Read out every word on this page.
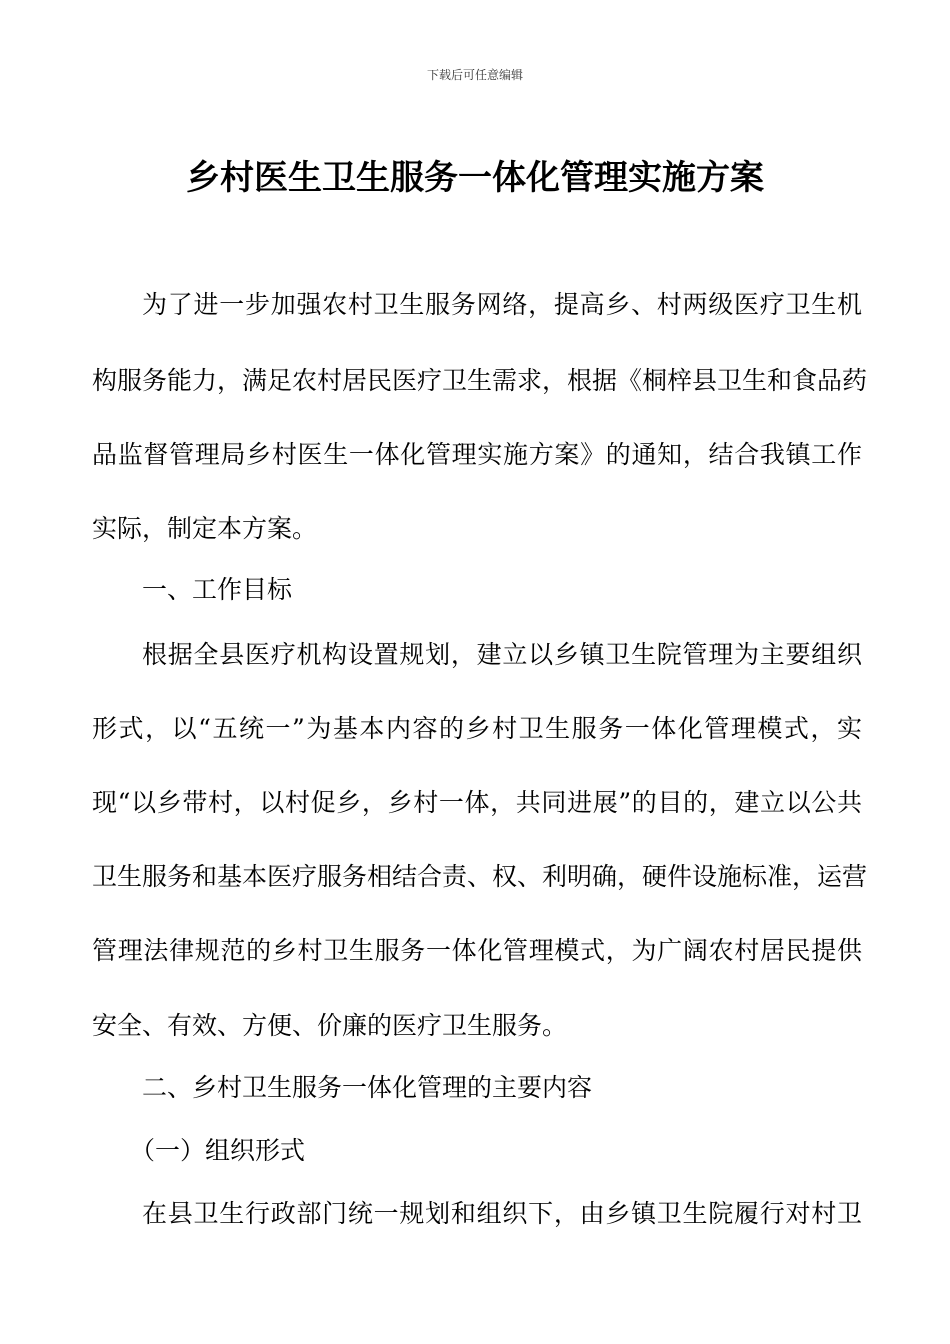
下载后可任意编辑
乡村医生卫生服务一体化管理实施方案
为了进一步加强农村卫生服务网络，提高乡、村两级医疗卫生机
构服务能力，满足农村居民医疗卫生需求，根据《桐梓县卫生和食品药
品监督管理局乡村医生一体化管理实施方案》的通知，结合我镇工作
实际，制定本方案。
一、工作目标
根据全县医疗机构设置规划，建立以乡镇卫生院管理为主要组织
形式，以“五统一”为基本内容的乡村卫生服务一体化管理模式，实
现“以乡带村，以村促乡，乡村一体，共同进展”的目的，建立以公共
卫生服务和基本医疗服务相结合责、权、利明确，硬件设施标准，运营
管理法律规范的乡村卫生服务一体化管理模式，为广阔农村居民提供
安全、有效、方便、价廉的医疗卫生服务。
二、乡村卫生服务一体化管理的主要内容
（一）组织形式
在县卫生行政部门统一规划和组织下，由乡镇卫生院履行对村卫
